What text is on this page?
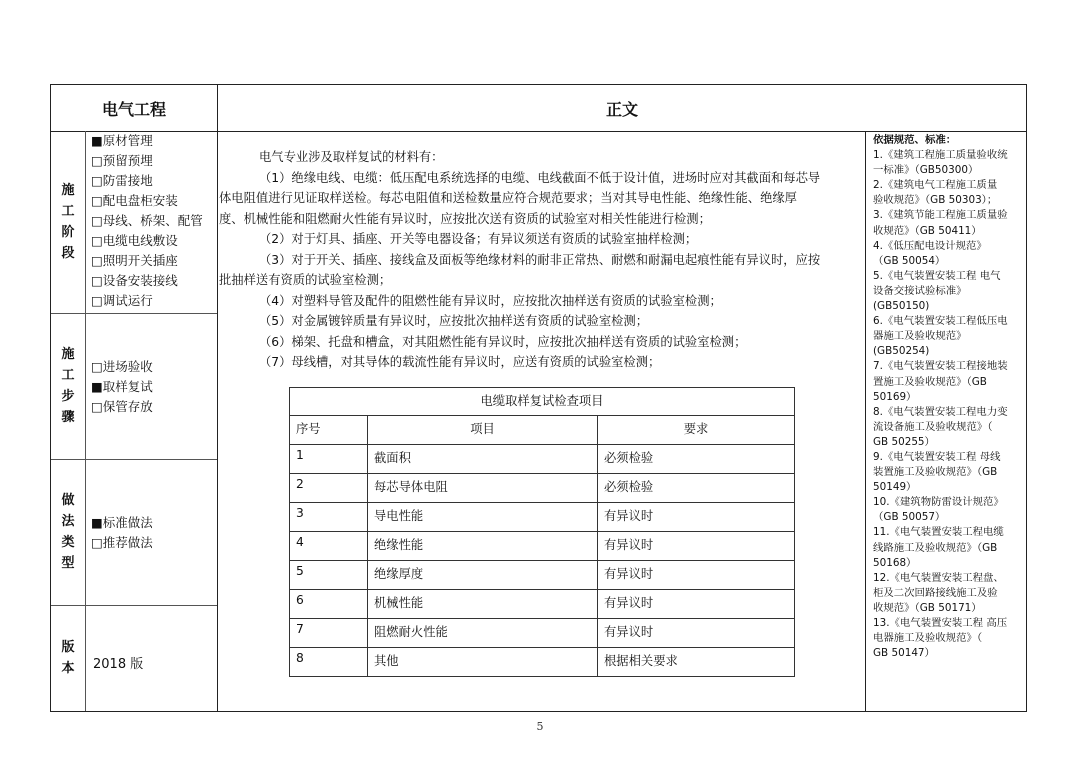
电气工程	正文
施
工
阶
段
■原材管理
□预留预埋
□防雷接地
□配电盘柜安装
□母线、桥架、配管
□电缆电线敷设
□照明开关插座
□设备安装接线
□调试运行
施
工
步
骤
□进场验收
■取样复试
□保管存放
做
法
类
型
■标准做法
□推荐做法
版
本 2018 版
电气专业涉及取样复试的材料有：
（1）绝缘电线、电缆：低压配电系统选择的电缆、电线截面不低于设计值，进场时应对其截面和每芯导
体电阻值进行见证取样送检。每芯电阻值和送检数量应符合规范要求；当对其导电性能、绝缘性能、绝缘厚
度、机械性能和阻燃耐火性能有异议时，应按批次送有资质的试验室对相关性能进行检测；
（2）对于灯具、插座、开关等电器设备；有异议须送有资质的试验室抽样检测；
（3）对于开关、插座、接线盒及面板等绝缘材料的耐非正常热、耐燃和耐漏电起痕性能有异议时，应按
批抽样送有资质的试验室检测；
（4）对塑料导管及配件的阻燃性能有异议时，应按批次抽样送有资质的试验室检测；
（5）对金属镀锌质量有异议时，应按批次抽样送有资质的试验室检测；
（6）梯架、托盘和槽盒，对其阻燃性能有异议时，应按批次抽样送有资质的试验室检测；
（7）母线槽，对其导体的载流性能有异议时，应送有资质的试验室检测；
电缆取样复试检查项目		
序号	项目	要求
1	截面积	必须检验
2	每芯导体电阻	必须检验
3	导电性能	有异议时
4	绝缘性能	有异议时
5	绝缘厚度	有异议时
6	机械性能	有异议时
7	阻燃耐火性能	有异议时
8	其他	根据相关要求
依据规范、标准：
1.《建筑工程施工质量验收统
一标准》（GB50300）
2.《建筑电气工程施工质量
验收规范》（GB 50303）；
3.《建筑节能工程施工质量验
收规范》（GB 50411）
4.《低压配电设计规范》
（GB 50054）
5.《电气装置安装工程 电气
设备交接试验标准》
(GB50150)
6.《电气装置安装工程低压电
器施工及验收规范》
(GB50254)
7.《电气装置安装工程接地装
置施工及验收规范》（GB
50169）
8.《电气装置安装工程电力变
流设备施工及验收规范》（
GB 50255）
9.《电气装置安装工程 母线
装置施工及验收规范》（GB
50149）
10.《建筑物防雷设计规范》
（GB 50057）
11.《电气装置安装工程电缆
线路施工及验收规范》（GB
50168）
12.《电气装置安装工程盘、
柜及二次回路接线施工及验
收规范》（GB 50171）
13.《电气装置安装工程 高压
电器施工及验收规范》（
GB 50147）
5
